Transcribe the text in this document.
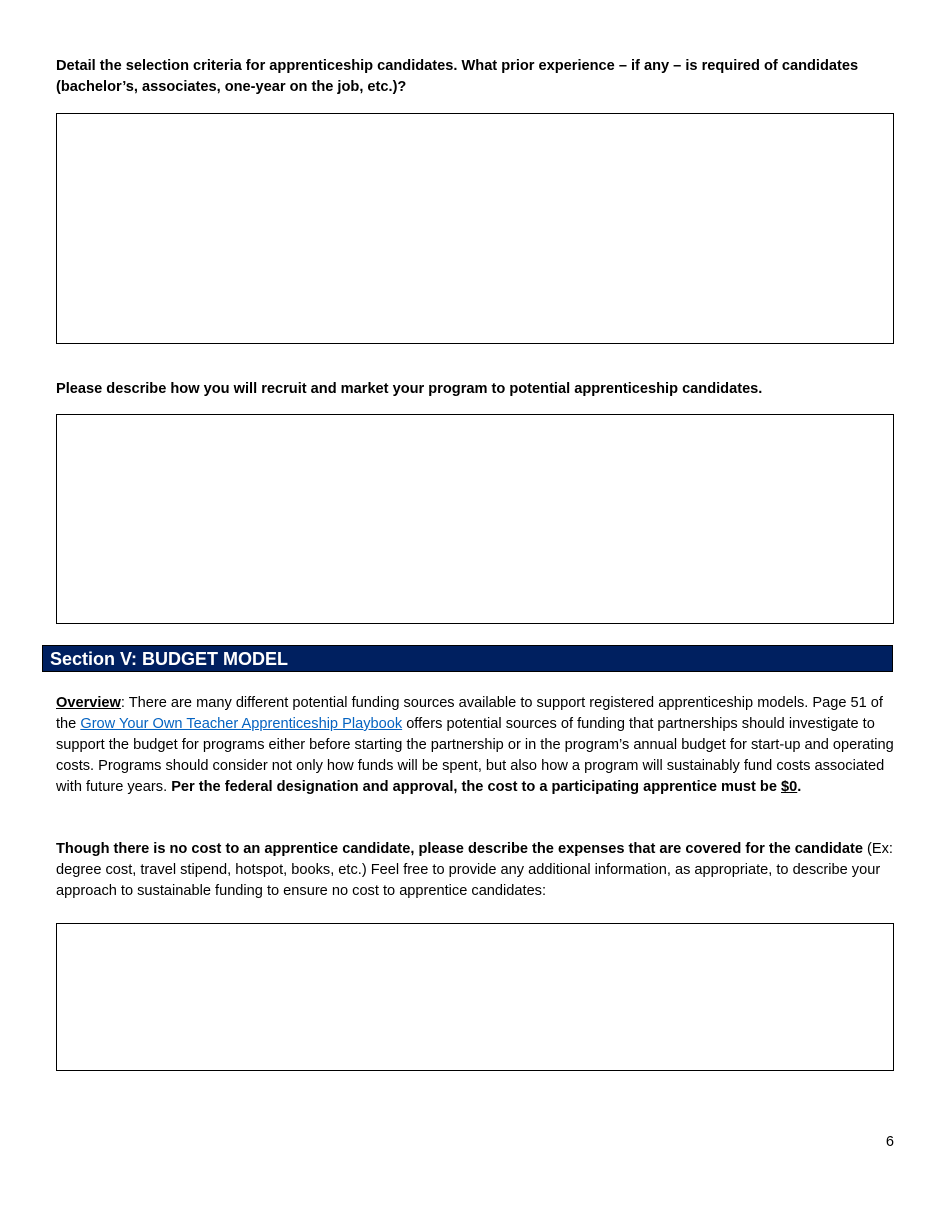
Detail the selection criteria for apprenticeship candidates. What prior experience – if any – is required of candidates (bachelor’s, associates, one-year on the job, etc.)?
Please describe how you will recruit and market your program to potential apprenticeship candidates.
Section V: BUDGET MODEL
Overview: There are many different potential funding sources available to support registered apprenticeship models. Page 51 of the Grow Your Own Teacher Apprenticeship Playbook offers potential sources of funding that partnerships should investigate to support the budget for programs either before starting the partnership or in the program’s annual budget for start-up and operating costs. Programs should consider not only how funds will be spent, but also how a program will sustainably fund costs associated with future years. Per the federal designation and approval, the cost to a participating apprentice must be $0.
Though there is no cost to an apprentice candidate, please describe the expenses that are covered for the candidate (Ex: degree cost, travel stipend, hotspot, books, etc.) Feel free to provide any additional information, as appropriate, to describe your approach to sustainable funding to ensure no cost to apprentice candidates:
6
